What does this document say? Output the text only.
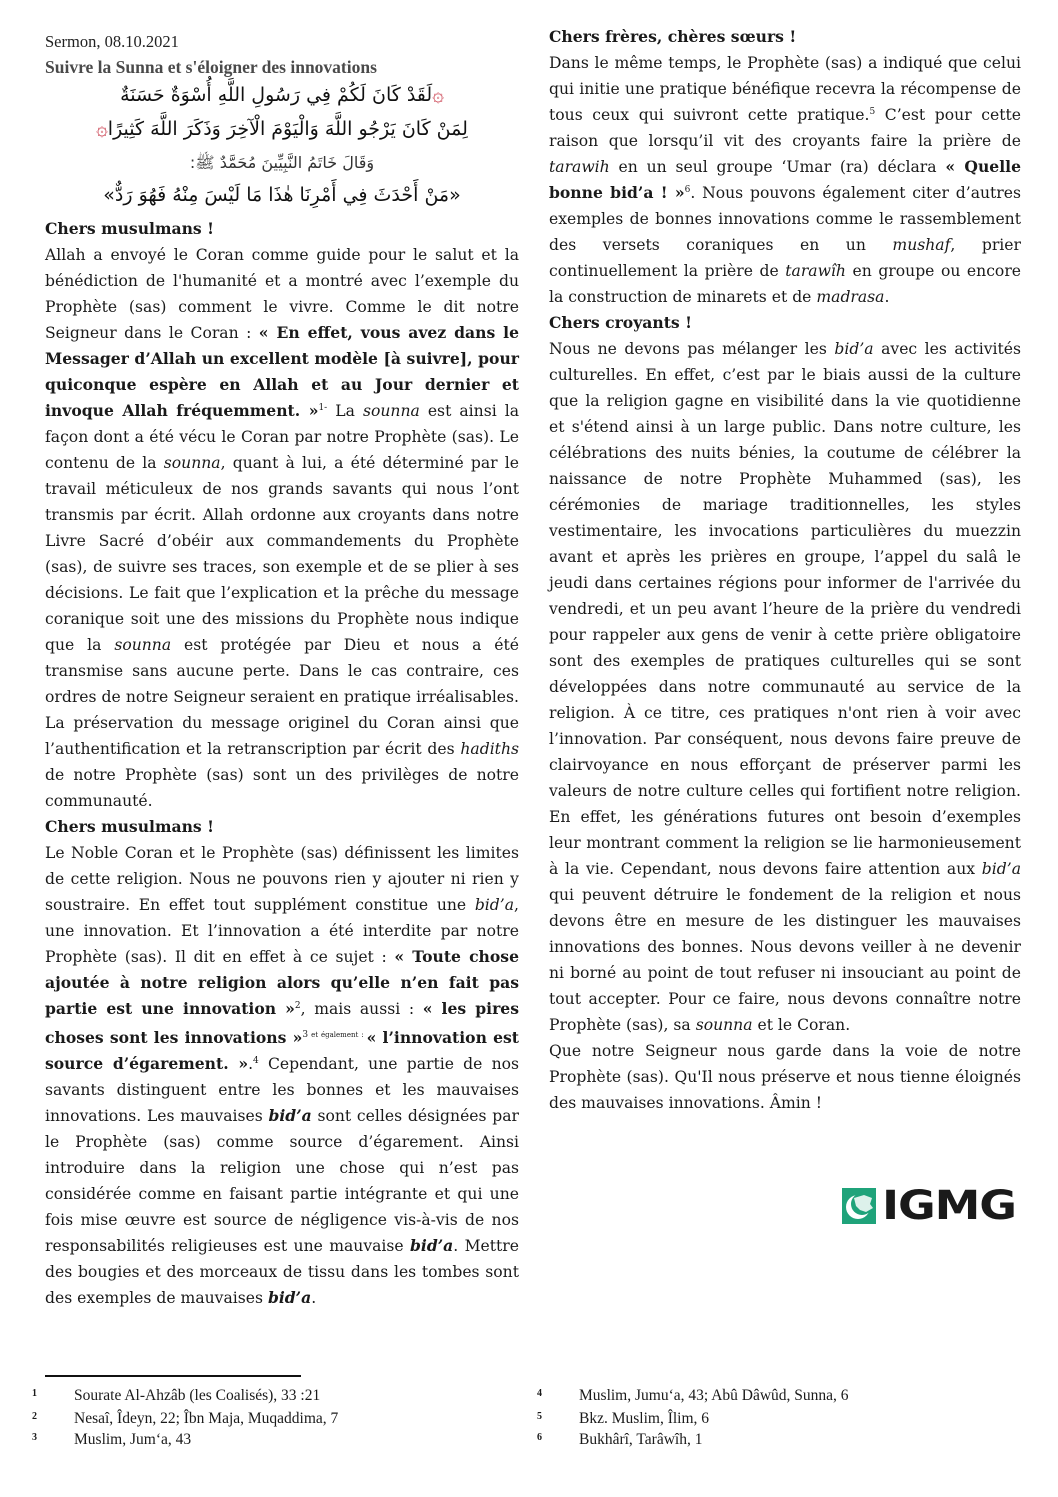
Sermon, 08.10.2021
Suivre la Sunna et s'éloigner des innovations
۞لَقَدْ كَانَ لَكُمْ فِي رَسُولِ اللَّهِ أُسْوَةٌ حَسَنَةٌ
لِمَنْ كَانَ يَرْجُو اللَّهَ وَالْيَوْمَ الْآخِرَ وَذَكَرَ اللَّهَ كَثِيرًا۞
وَقَالَ خَاتَمُ النَّبِيِّينَ مُحَمَّدٌ ﷺ:
«مَنْ أَحْدَثَ فِي أَمْرِنَا هٰذَا مَا لَيْسَ مِنْهُ فَهُوَ رَدٌّ»
Chers musulmans !

Allah a envoyé le Coran comme guide pour le salut et la bénédiction de l'humanité et a montré avec l’exemple du Prophète (sas) comment le vivre. Comme le dit notre Seigneur dans le Coran : « En effet, vous avez dans le Messager d’Allah un excellent modèle [à suivre], pour quiconque espère en Allah et au Jour dernier et invoque Allah fréquemment. »$^{1-}$ La sounna est ainsi la façon dont a été vécu le Coran par notre Prophète (sas). Le contenu de la sounna, quant à lui, a été déterminé par le travail méticuleux de nos grands savants qui nous l’ont transmis par écrit. Allah ordonne aux croyants dans notre Livre Sacré d’obéir aux commandements du Prophète (sas), de suivre ses traces, son exemple et de se plier à ses décisions. Le fait que l’explication et la prêche du message coranique soit une des missions du Prophète nous indique que la sounna est protégée par Dieu et nous a été transmise sans aucune perte. Dans le cas contraire, ces ordres de notre Seigneur seraient en pratique irréalisables. La préservation du message originel du Coran ainsi que l’authentification et la retranscription par écrit des hadiths de notre Prophète (sas) sont un des privilèges de notre communauté.

Chers musulmans !

Le Noble Coran et le Prophète (sas) définissent les limites de cette religion. Nous ne pouvons rien y ajouter ni rien y soustraire. En effet tout supplément constitue une bid’a, une innovation. Et l’innovation a été interdite par notre Prophète (sas). Il dit en effet à ce sujet : « Toute chose ajoutée à notre religion alors qu’elle n’en fait pas partie est une innovation »$^2$, mais aussi : « les pires choses sont les innovations »$^3$ $^{et également :}$ « l’innovation est source d’égarement. ».$^4$ Cependant, une partie de nos savants distinguent entre les bonnes et les mauvaises innovations. Les mauvaises bid’a sont celles désignées par le Prophète (sas) comme source d’égarement. Ainsi introduire dans la religion une chose qui n’est pas considérée comme en faisant partie intégrante et qui une fois mise œuvre est source de négligence vis-à-vis de nos responsabilités religieuses est une mauvaise bid’a. Mettre des bougies et des morceaux de tissu dans les tombes sont des exemples de mauvaises bid’a.

Chers frères, chères sœurs !

Dans le même temps, le Prophète (sas) a indiqué que celui qui initie une pratique bénéfique recevra la récompense de tous ceux qui suivront cette pratique.$^5$ C’est pour cette raison que lorsqu’il vit des croyants faire la prière de tarawih en un seul groupe ‘Umar (ra) déclara « Quelle bonne bid’a ! »$^6$. Nous pouvons également citer d’autres exemples de bonnes innovations comme le rassemblement des versets coraniques en un mushaf, prier continuellement la prière de tarawîh en groupe ou encore la construction de minarets et de madrasa.

Chers croyants !

Nous ne devons pas mélanger les bid’a avec les activités culturelles. En effet, c’est par le biais aussi de la culture que la religion gagne en visibilité dans la vie quotidienne et s'étend ainsi à un large public. Dans notre culture, les célébrations des nuits bénies, la coutume de célébrer la naissance de notre Prophète Muhammed (sas), les cérémonies de mariage traditionnelles, les styles vestimentaire, les invocations particulières du muezzin avant et après les prières en groupe, l’appel du salâ le jeudi dans certaines régions pour informer de l'arrivée du vendredi, et un peu avant l’heure de la prière du vendredi pour rappeler aux gens de venir à cette prière obligatoire sont des exemples de pratiques culturelles qui se sont développées dans notre communauté au service de la religion. À ce titre, ces pratiques n'ont rien à voir avec l’innovation. Par conséquent, nous devons faire preuve de clairvoyance en nous efforçant de préserver parmi les valeurs de notre culture celles qui fortifient notre religion. En effet, les générations futures ont besoin d’exemples leur montrant comment la religion se lie harmonieusement à la vie. Cependant, nous devons faire attention aux bid’a qui peuvent détruire le fondement de la religion et nous devons être en mesure de les distinguer les mauvaises innovations des bonnes. Nous devons veiller à ne devenir ni borné au point de tout refuser ni insouciant au point de tout accepter. Pour ce faire, nous devons connaître notre Prophète (sas), sa sounna et le Coran.

Que notre Seigneur nous garde dans la voie de notre Prophète (sas). Qu'Il nous préserve et nous tienne éloignés des mauvaises innovations. Âmin !

IGMG
1 Sourate Al-Ahzâb (les Coalisés), 33 :21
2 Nesaî, Îdeyn, 22; Îbn Maja, Muqaddima, 7
3 Muslim, Jumʻa, 43
4 Muslim, Jumuʻa, 43; Abû Dâwûd, Sunna, 6
5 Bkz. Muslim, Îlim, 6
6 Bukhârî, Tarâwîh, 1
